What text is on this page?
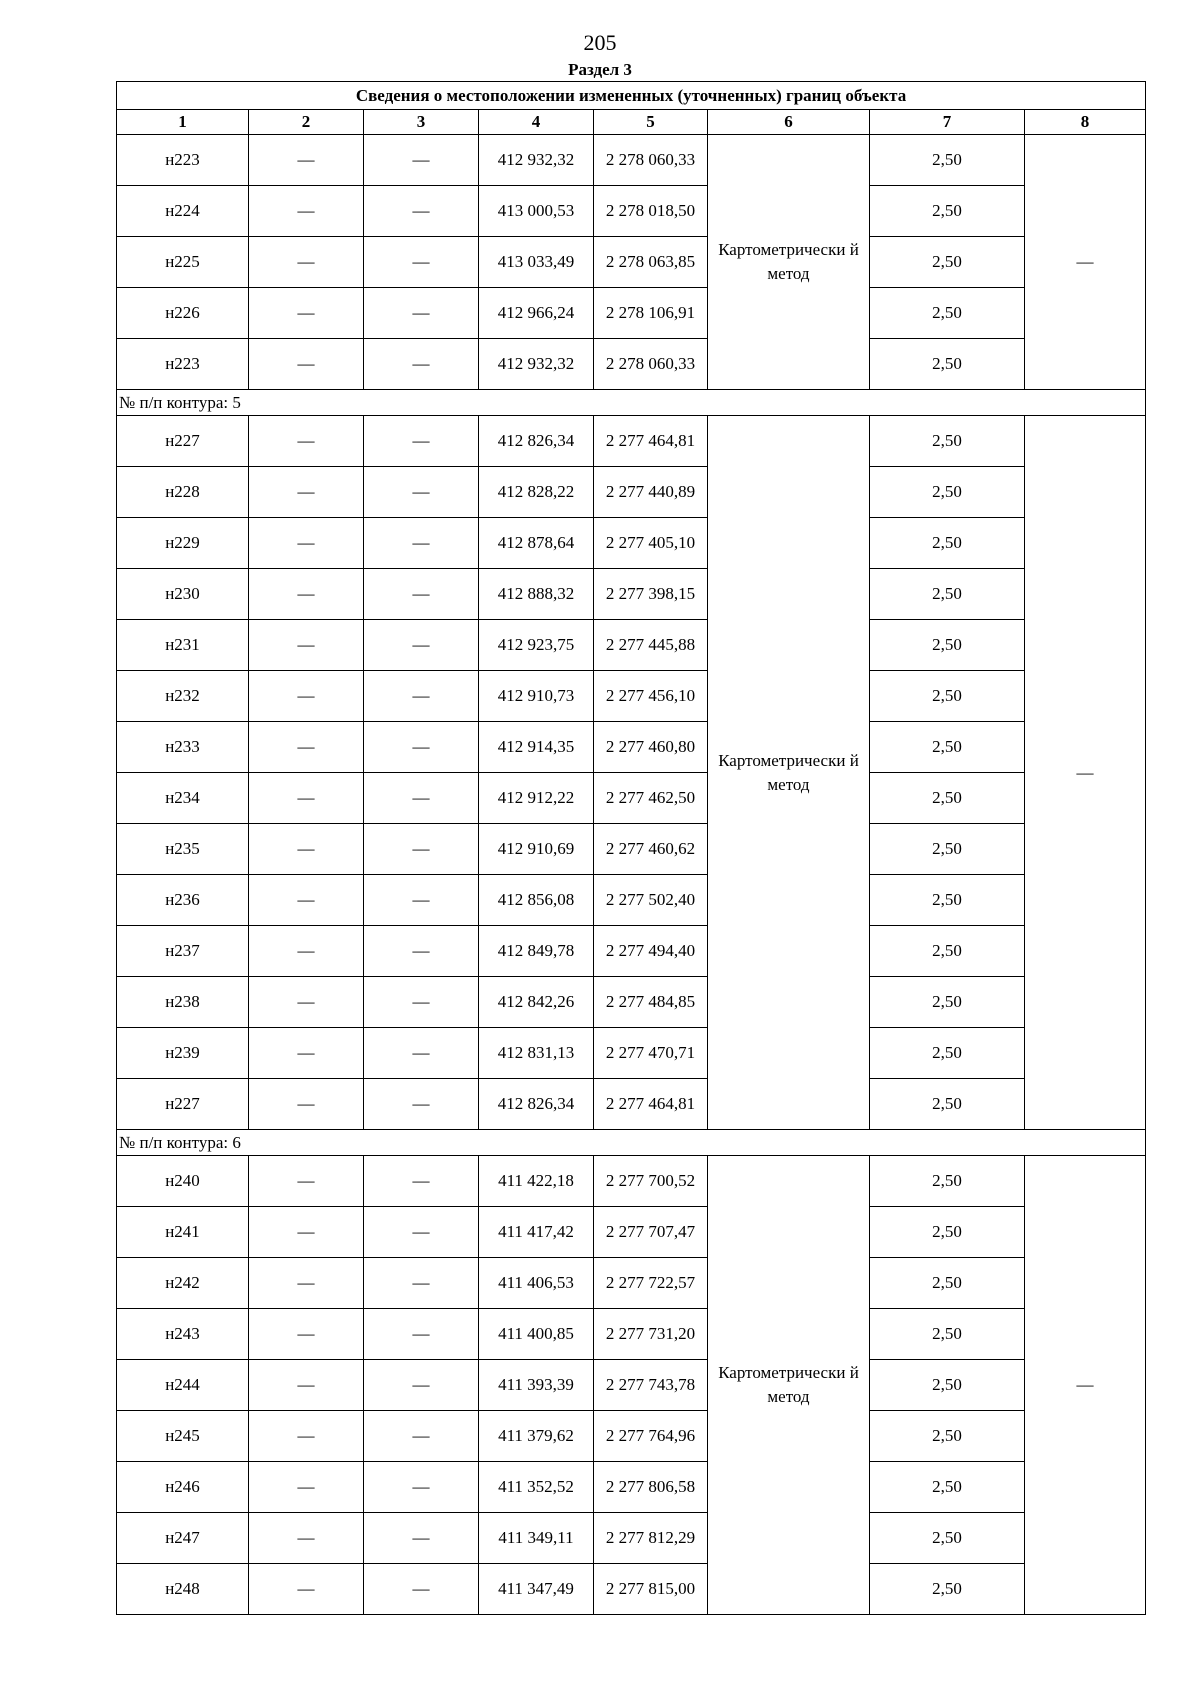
205
Раздел 3
Сведения о местоположении измененных (уточненных) границ объекта							
1	2	3	4	5	6	7	8
н223	—	—	412 932,32	2 278 060,33	Картометрически й метод	2,50	—
н224	—	—	413 000,53	2 278 018,50		2,50	
н225	—	—	413 033,49	2 278 063,85		2,50	
н226	—	—	412 966,24	2 278 106,91		2,50	
н223	—	—	412 932,32	2 278 060,33		2,50	
№ п/п контура: 5							
н227	—	—	412 826,34	2 277 464,81	Картометрически й метод	2,50	—
н228	—	—	412 828,22	2 277 440,89		2,50	
н229	—	—	412 878,64	2 277 405,10		2,50	
н230	—	—	412 888,32	2 277 398,15		2,50	
н231	—	—	412 923,75	2 277 445,88		2,50	
н232	—	—	412 910,73	2 277 456,10		2,50	
н233	—	—	412 914,35	2 277 460,80		2,50	
н234	—	—	412 912,22	2 277 462,50		2,50	
н235	—	—	412 910,69	2 277 460,62		2,50	
н236	—	—	412 856,08	2 277 502,40		2,50	
н237	—	—	412 849,78	2 277 494,40		2,50	
н238	—	—	412 842,26	2 277 484,85		2,50	
н239	—	—	412 831,13	2 277 470,71		2,50	
н227	—	—	412 826,34	2 277 464,81		2,50	
№ п/п контура: 6							
н240	—	—	411 422,18	2 277 700,52	Картометрически й метод	2,50	—
н241	—	—	411 417,42	2 277 707,47		2,50	
н242	—	—	411 406,53	2 277 722,57		2,50	
н243	—	—	411 400,85	2 277 731,20		2,50	
н244	—	—	411 393,39	2 277 743,78		2,50	
н245	—	—	411 379,62	2 277 764,96		2,50	
н246	—	—	411 352,52	2 277 806,58		2,50	
н247	—	—	411 349,11	2 277 812,29		2,50	
н248	—	—	411 347,49	2 277 815,00		2,50	
